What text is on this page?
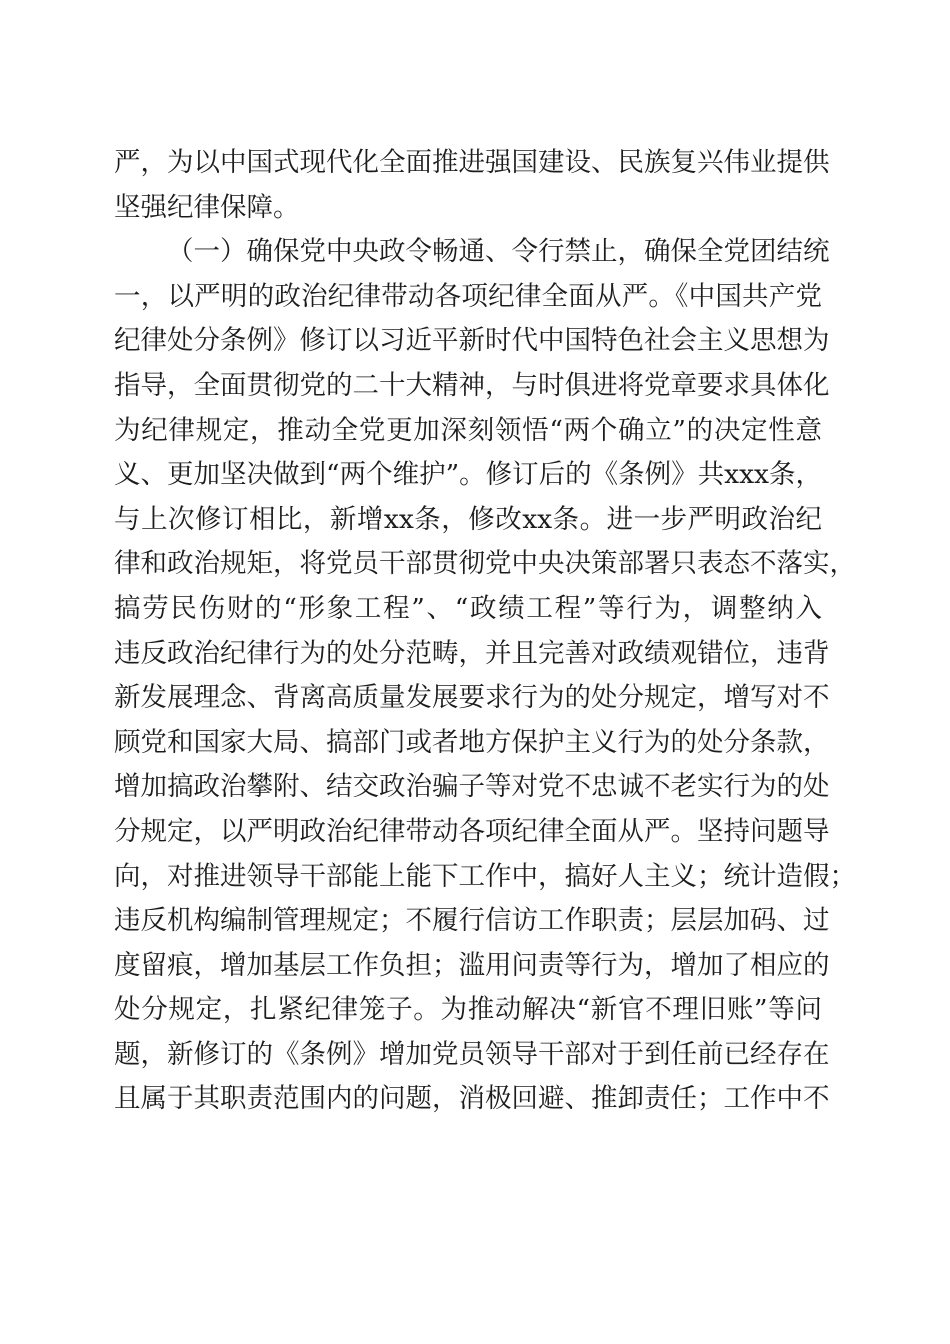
严，为以中国式现代化全面推进强国建设、民族复兴伟业提供
坚强纪律保障。
（一）确保党中央政令畅通、令行禁止，确保全党团结统
一，以严明的政治纪律带动各项纪律全面从严。《中国共产党
纪律处分条例》修订以习近平新时代中国特色社会主义思想为
指导，全面贯彻党的二十大精神，与时俱进将党章要求具体化
为纪律规定，推动全党更加深刻领悟“两个确立”的决定性意
义、更加坚决做到“两个维护”。修订后的《条例》共xxx条，
与上次修订相比，新增xx条，修改xx条。进一步严明政治纪
律和政治规矩，将党员干部贯彻党中央决策部署只表态不落实，
搞劳民伤财的“形象工程”、“政绩工程”等行为，调整纳入
违反政治纪律行为的处分范畴，并且完善对政绩观错位，违背
新发展理念、背离高质量发展要求行为的处分规定，增写对不
顾党和国家大局、搞部门或者地方保护主义行为的处分条款，
增加搞政治攀附、结交政治骗子等对党不忠诚不老实行为的处
分规定，以严明政治纪律带动各项纪律全面从严。坚持问题导
向，对推进领导干部能上能下工作中，搞好人主义；统计造假；
违反机构编制管理规定；不履行信访工作职责；层层加码、过
度留痕，增加基层工作负担；滥用问责等行为，增加了相应的
处分规定，扎紧纪律笼子。为推动解决“新官不理旧账”等问
题，新修订的《条例》增加党员领导干部对于到任前已经存在
且属于其职责范围内的问题，消极回避、推卸责任；工作中不
